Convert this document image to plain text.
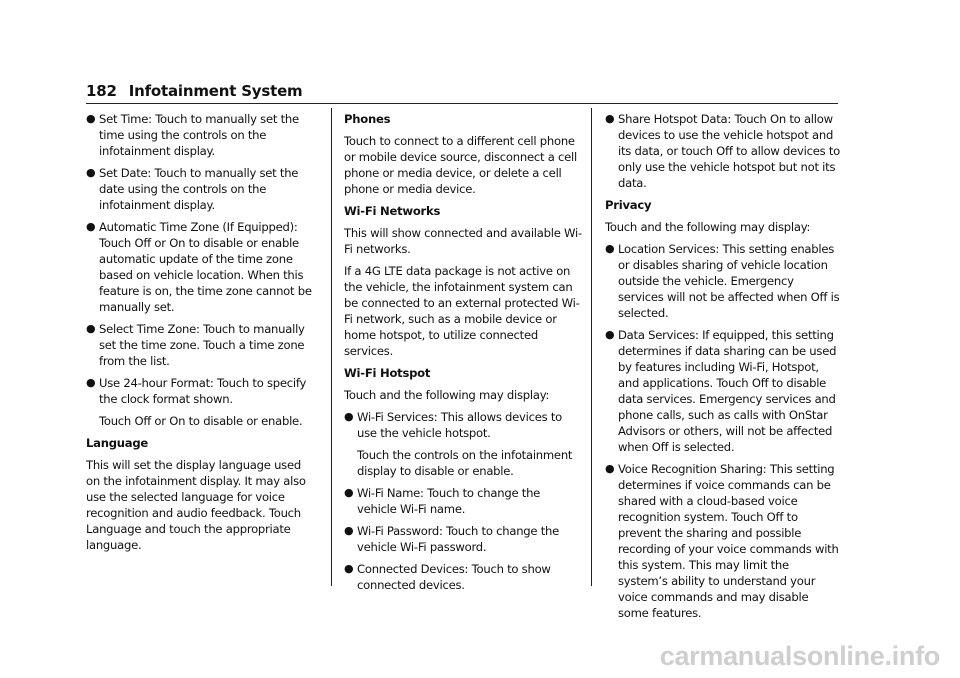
182 Infotainment System
● Set Time: Touch to manually set the time using the controls on the infotainment display.
● Set Date: Touch to manually set the date using the controls on the infotainment display.
● Automatic Time Zone (If Equipped): Touch Off or On to disable or enable automatic update of the time zone based on vehicle location. When this feature is on, the time zone cannot be manually set.
● Select Time Zone: Touch to manually set the time zone. Touch a time zone from the list.
● Use 24-hour Format: Touch to specify the clock format shown.

Touch Off or On to disable or enable.

Language

This will set the display language used on the infotainment display. It may also use the selected language for voice recognition and audio feedback. Touch Language and touch the appropriate language.

Phones

Touch to connect to a different cell phone or mobile device source, disconnect a cell phone or media device, or delete a cell phone or media device.

Wi-Fi Networks

This will show connected and available Wi-Fi networks.

If a 4G LTE data package is not active on the vehicle, the infotainment system can be connected to an external protected Wi-Fi network, such as a mobile device or home hotspot, to utilize connected services.

Wi-Fi Hotspot

Touch and the following may display:

● Wi-Fi Services: This allows devices to use the vehicle hotspot.

Touch the controls on the infotainment display to disable or enable.

● Wi-Fi Name: Touch to change the vehicle Wi-Fi name.
● Wi-Fi Password: Touch to change the vehicle Wi-Fi password.
● Connected Devices: Touch to show connected devices.
● Share Hotspot Data: Touch On to allow devices to use the vehicle hotspot and its data, or touch Off to allow devices to only use the vehicle hotspot but not its data.
Privacy

Touch and the following may display:

● Location Services: This setting enables or disables sharing of vehicle location outside the vehicle. Emergency services will not be affected when Off is selected.
● Data Services: If equipped, this setting determines if data sharing can be used by features including Wi-Fi, Hotspot, and applications. Touch Off to disable data services. Emergency services and phone calls, such as calls with OnStar Advisors or others, will not be affected when Off is selected.
● Voice Recognition Sharing: This setting determines if voice commands can be shared with a cloud-based voice recognition system. Touch Off to prevent the sharing and possible recording of your voice commands with this system. This may limit the system’s ability to understand your voice commands and may disable some features.
carmanualsonline.info
